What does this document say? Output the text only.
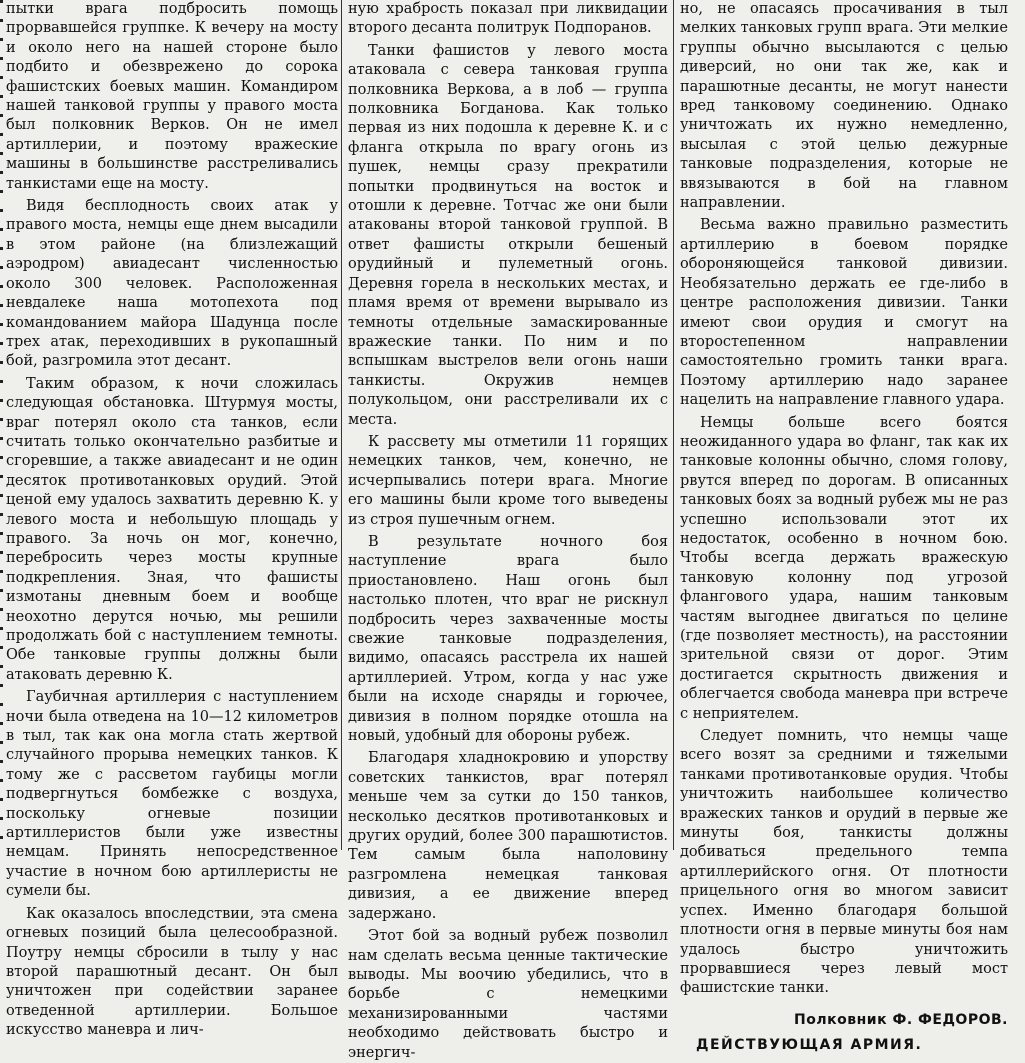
пытки врага подбросить помощь прорвавшейся группке. К вечеру на мосту и около него на нашей стороне было подбито и обезврежено до сорока фашистских боевых машин. Командиром нашей танковой группы у правого моста был полковник Верков. Он не имел артиллерии, и поэтому вражеские машины в большинстве расстреливались танкистами еще на мосту.

Видя бесплодность своих атак у правого моста, немцы еще днем высадили в этом районе (на близлежащий аэродром) авиадесант численностью около 300 человек. Расположенная невдалеке наша мотопехота под командованием майора Шадунца после трех атак, переходивших в рукопашный бой, разгромила этот десант.

Таким образом, к ночи сложилась следующая обстановка. Штурмуя мосты, враг потерял около ста танков, если считать только окончательно разбитые и сгоревшие, а также авиадесант и не один десяток противотанковых орудий. Этой ценой ему удалось захватить деревню К. у левого моста и небольшую площадь у правого. За ночь он мог, конечно, перебросить через мосты крупные подкрепления. Зная, что фашисты измотаны дневным боем и вообще неохотно дерутся ночью, мы решили продолжать бой с наступлением темноты. Обе танковые группы должны были атаковать деревню К.

Гаубичная артиллерия с наступлением ночи была отведена на 10—12 километров в тыл, так как она могла стать жертвой случайного прорыва немецких танков. К тому же с рассветом гаубицы могли подвергнуться бомбежке с воздуха, поскольку огневые позиции артиллеристов были уже известны немцам. Принять непосредственное участие в ночном бою артиллеристы не сумели бы.

Как оказалось впоследствии, эта смена огневых позиций была целесообразной. Поутру немцы сбросили в тылу у нас второй парашютный десант. Он был уничтожен при содействии заранее отведенной артиллерии. Большое искусство маневра и лич-

ную храбрость показал при ликвидации второго десанта политрук Подпоранов.

Танки фашистов у левого моста атаковала с севера танковая группа полковника Веркова, а в лоб — группа полковника Богданова. Как только первая из них подошла к деревне К. и с фланга открыла по врагу огонь из пушек, немцы сразу прекратили попытки продвинуться на восток и отошли к деревне. Тотчас же они были атакованы второй танковой группой. В ответ фашисты открыли бешеный орудийный и пулеметный огонь. Деревня горела в нескольких местах, и пламя время от времени вырывало из темноты отдельные замаскированные вражеские танки. По ним и по вспышкам выстрелов вели огонь наши танкисты. Окружив немцев полукольцом, они расстреливали их с места.

К рассвету мы отметили 11 горящих немецких танков, чем, конечно, не исчерпывались потери врага. Многие его машины были кроме того выведены из строя пушечным огнем.

В результате ночного боя наступление врага было приостановлено. Наш огонь был настолько плотен, что враг не рискнул подбросить через захваченные мосты свежие танковые подразделения, видимо, опасаясь расстрела их нашей артиллерией. Утром, когда у нас уже были на исходе снаряды и горючее, дивизия в полном порядке отошла на новый, удобный для обороны рубеж.

Благодаря хладнокровию и упорству советских танкистов, враг потерял меньше чем за сутки до 150 танков, несколько десятков противотанковых и других орудий, более 300 парашютистов. Тем самым была наполовину разгромлена немецкая танковая дивизия, а ее движение вперед задержано.

Этот бой за водный рубеж позволил нам сделать весьма ценные тактические выводы. Мы воочию убедились, что в борьбе с немецкими механизированными частями необходимо действовать быстро и энергич-

но, не опасаясь просачивания в тыл мелких танковых групп врага. Эти мелкие группы обычно высылаются с целью диверсий, но они так же, как и парашютные десанты, не могут нанести вред танковому соединению. Однако уничтожать их нужно немедленно, высылая с этой целью дежурные танковые подразделения, которые не ввязываются в бой на главном направлении.

Весьма важно правильно разместить артиллерию в боевом порядке обороняющейся танковой дивизии. Необязательно держать ее где-либо в центре расположения дивизии. Танки имеют свои орудия и смогут на второстепенном направлении самостоятельно громить танки врага. Поэтому артиллерию надо заранее нацелить на направление главного удара.

Немцы больше всего боятся неожиданного удара во фланг, так как их танковые колонны обычно, сломя голову, рвутся вперед по дорогам. В описанных танковых боях за водный рубеж мы не раз успешно использовали этот их недостаток, особенно в ночном бою. Чтобы всегда держать вражескую танковую колонну под угрозой флангового удара, нашим танковым частям выгоднее двигаться по целине (где позволяет местность), на расстоянии зрительной связи от дорог. Этим достигается скрытность движения и облегчается свобода маневра при встрече с неприятелем.

Следует помнить, что немцы чаще всего возят за средними и тяжелыми танками противотанковые орудия. Чтобы уничтожить наибольшее количество вражеских танков и орудий в первые же минуты боя, танкисты должны добиваться предельного темпа артиллерийского огня. От плотности прицельного огня во многом зависит успех. Именно благодаря большой плотности огня в первые минуты боя нам удалось быстро уничтожить прорвавшиеся через левый мост фашистские танки.

Полковник Ф. ФЕДОРОВ.
ДЕЙСТВУЮЩАЯ АРМИЯ.
